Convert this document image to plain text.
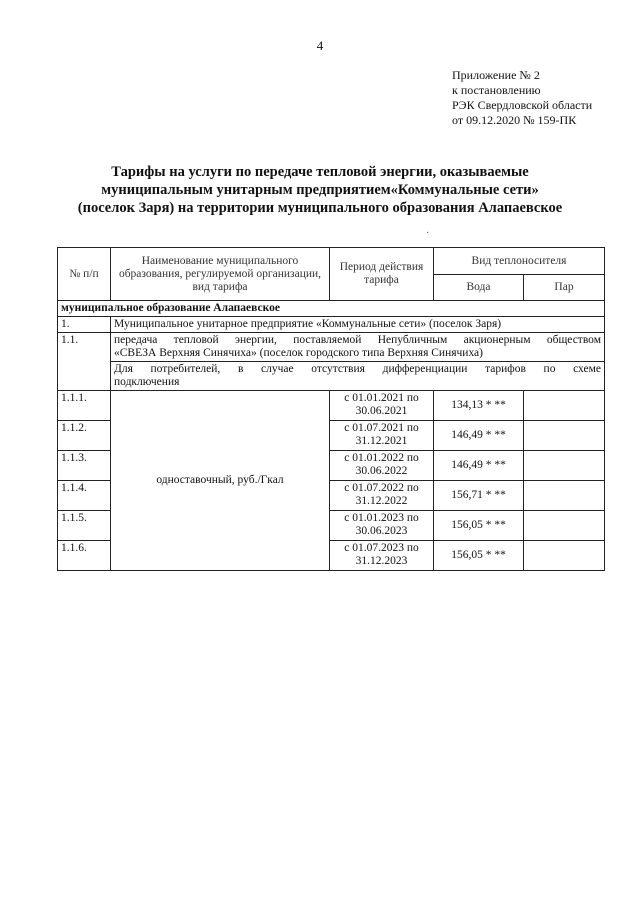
4
Приложение № 2
к постановлению
РЭК Свердловской области
от 09.12.2020 № 159-ПК
Тарифы на услуги по передаче тепловой энергии, оказываемые
муниципальным унитарным предприятием«Коммунальные сети»
(поселок Заря) на территории муниципального образования Алапаевское
·
№ п/п	Наименование муниципального образования, регулируемой организации, вид тарифа	Период действия тарифа	Вид теплоносителя	
			Вода	Пар
муниципальное образование Алапаевское				
1.	Муниципальное унитарное предприятие «Коммунальные сети» (поселок Заря)			
1.1.	передача тепловой энергии, поставляемой Непубличным акционерным обществом
«СВЕЗА Верхняя Синячиха» (поселок городского типа Верхняя Синячиха)			

	Для потребителей, в случае отсутствия дифференциации тарифов по схеме
подключения			

1.1.1.	одноставочный, руб./Гкал	с 01.01.2021 по
30.06.2021	134,13 * **	
1.1.2.		с 01.07.2021 по
31.12.2021	146,49 * **	
1.1.3.		с 01.01.2022 по
30.06.2022	146,49 * **	
1.1.4.		с 01.07.2022 по
31.12.2022	156,71 * **	
1.1.5.		с 01.01.2023 по
30.06.2023	156,05 * **	
1.1.6.		с 01.07.2023 по
31.12.2023	156,05 * **	
